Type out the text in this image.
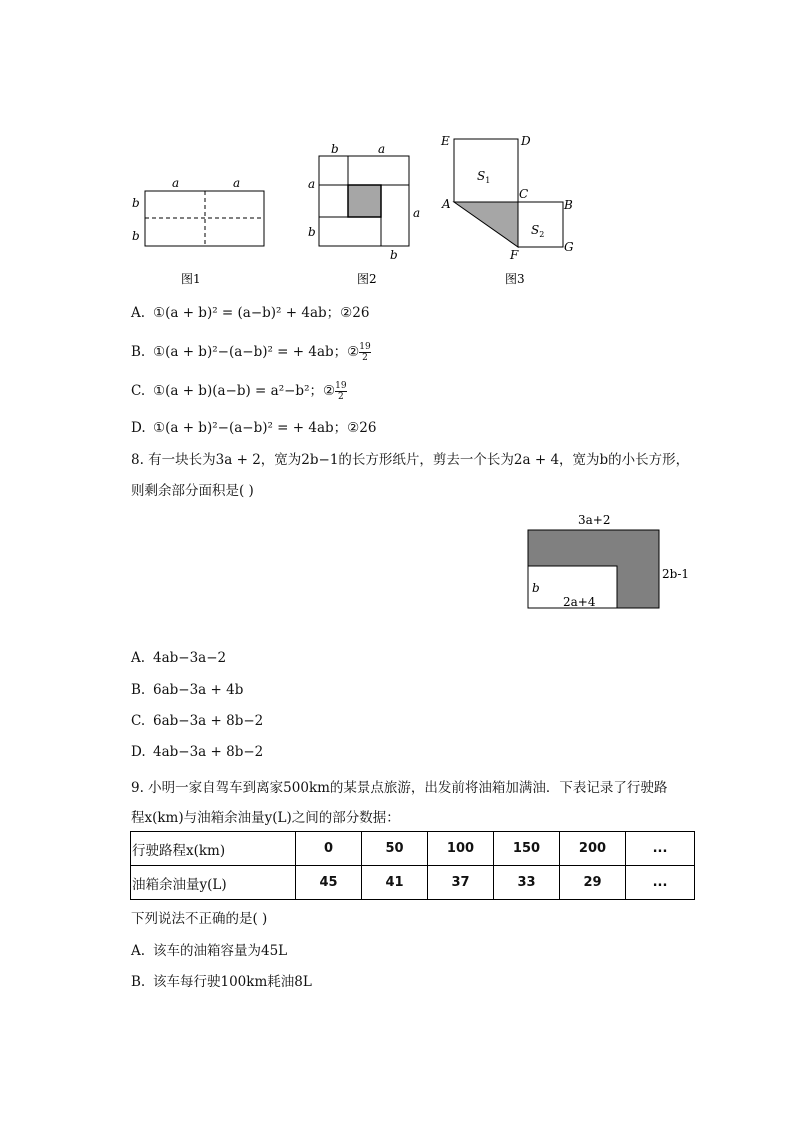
a	a
b
b
图1
b	a
a
b
a
b
图2
E	D
$S_1$
C
A	B
$S_2$
F
G
图3
A. ①(a + b)² = (a−b)² + 4ab；②26
B. ①(a + b)²−(a−b)² = + 4ab；② $\frac{19}{2}$
C. ①(a + b)(a−b) = a²−b²；② $\frac{19}{2}$
D. ①(a + b)²−(a−b)² = + 4ab；②26
8. 有一块长为3a + 2，宽为2b−1的长方形纸片，剪去一个长为2a + 4，宽为b的小长方形，
则剩余部分面积是( )
3a+2
2b-1
b
2a+4
A. 4ab−3a−2
B. 6ab−3a + 4b
C. 6ab−3a + 8b−2
D. 4ab−3a + 8b−2
9. 小明一家自驾车到离家500km的某景点旅游，出发前将油箱加满油．下表记录了行驶路
程x(km)与油箱余油量y(L)之间的部分数据：
行驶路程x(km)	0	50	100	150	200	...
油箱余油量y(L)	45	41	37	33	29	...
下列说法不正确的是( )
A. 该车的油箱容量为45L
B. 该车每行驶100km耗油8L
